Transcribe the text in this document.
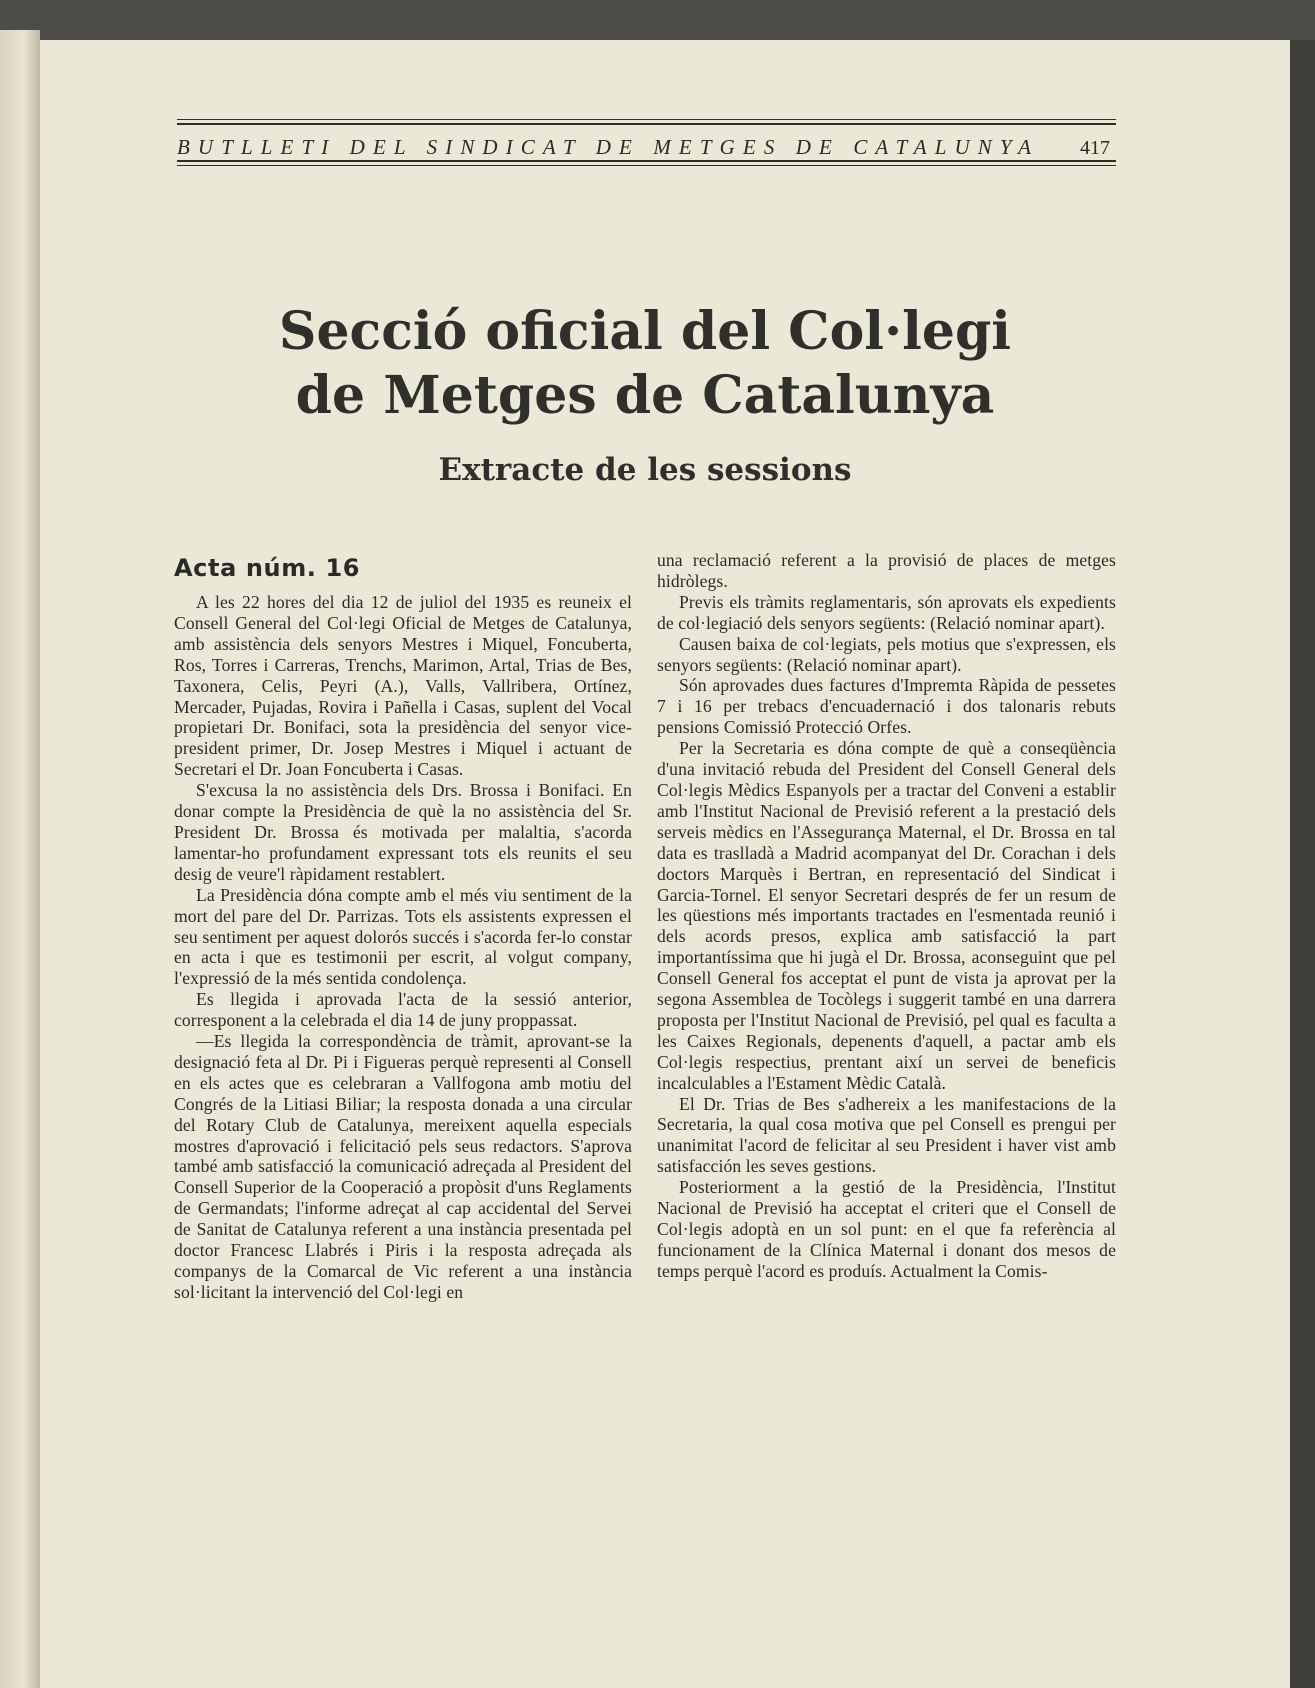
BUTLLETI DEL SINDICAT DE METGES DE CATALUNYA	417
Secció oficial del Col·legi
de Metges de Catalunya
Extracte de les sessions
Acta núm. 16

A les 22 hores del dia 12 de juliol del 1935 es reuneix el Consell General del Col·legi Oficial de Metges de Catalunya, amb assistència dels senyors Mestres i Miquel, Foncuberta, Ros, Torres i Carreras, Trenchs, Marimon, Artal, Trias de Bes, Taxonera, Celis, Peyri (A.), Valls, Vallribera, Ortínez, Mercader, Pujadas, Rovira i Pañella i Casas, suplent del Vocal propietari Dr. Bonifaci, sota la presidència del senyor vice-president primer, Dr. Josep Mestres i Miquel i actuant de Secretari el Dr. Joan Foncuberta i Casas.

S'excusa la no assistència dels Drs. Brossa i Bonifaci. En donar compte la Presidència de què la no assistència del Sr. President Dr. Brossa és motivada per malaltia, s'acorda lamentar-ho profundament expressant tots els reunits el seu desig de veure'l ràpidament restablert.

La Presidència dóna compte amb el més viu sentiment de la mort del pare del Dr. Parrizas. Tots els assistents expressen el seu sentiment per aquest dolorós succés i s'acorda fer-lo constar en acta i que es testimonii per escrit, al volgut company, l'expressió de la més sentida condolença.

Es llegida i aprovada l'acta de la sessió anterior, corresponent a la celebrada el dia 14 de juny proppassat.

—Es llegida la correspondència de tràmit, aprovant-se la designació feta al Dr. Pi i Figueras perquè representi al Consell en els actes que es celebraran a Vallfogona amb motiu del Congrés de la Litiasi Biliar; la resposta donada a una circular del Rotary Club de Catalunya, mereixent aquella especials mostres d'aprovació i felicitació pels seus redactors. S'aprova també amb satisfacció la comunicació adreçada al President del Consell Superior de la Cooperació a propòsit d'uns Reglaments de Germandats; l'informe adreçat al cap accidental del Servei de Sanitat de Catalunya referent a una instància presentada pel doctor Francesc Llabrés i Piris i la resposta adreçada als companys de la Comarcal de Vic referent a una instància sol·licitant la intervenció del Col·legi en

una reclamació referent a la provisió de places de metges hidròlegs.

Previs els tràmits reglamentaris, són aprovats els expedients de col·legiació dels senyors següents: (Relació nominar apart).

Causen baixa de col·legiats, pels motius que s'expressen, els senyors següents: (Relació nominar apart).

Són aprovades dues factures d'Impremta Ràpida de pessetes 7 i 16 per trebacs d'encuadernació i dos talonaris rebuts pensions Comissió Protecció Orfes.

Per la Secretaria es dóna compte de què a conseqüència d'una invitació rebuda del President del Consell General dels Col·legis Mèdics Espanyols per a tractar del Conveni a establir amb l'Institut Nacional de Previsió referent a la prestació dels serveis mèdics en l'Assegurança Maternal, el Dr. Brossa en tal data es traslladà a Madrid acompanyat del Dr. Corachan i dels doctors Marquès i Bertran, en representació del Sindicat i Garcia-Tornel. El senyor Secretari després de fer un resum de les qüestions més importants tractades en l'esmentada reunió i dels acords presos, explica amb satisfacció la part importantíssima que hi jugà el Dr. Brossa, aconseguint que pel Consell General fos acceptat el punt de vista ja aprovat per la segona Assemblea de Tocòlegs i suggerit també en una darrera proposta per l'Institut Nacional de Previsió, pel qual es faculta a les Caixes Regionals, depenents d'aquell, a pactar amb els Col·legis respectius, prentant així un servei de beneficis incalculables a l'Estament Mèdic Català.

El Dr. Trias de Bes s'adhereix a les manifestacions de la Secretaria, la qual cosa motiva que pel Consell es prengui per unanimitat l'acord de felicitar al seu President i haver vist amb satisfacción les seves gestions.

Posteriorment a la gestió de la Presidència, l'Institut Nacional de Previsió ha acceptat el criteri que el Consell de Col·legis adoptà en un sol punt: en el que fa referència al funcionament de la Clínica Maternal i donant dos mesos de temps perquè l'acord es produís. Actualment la Comis-
